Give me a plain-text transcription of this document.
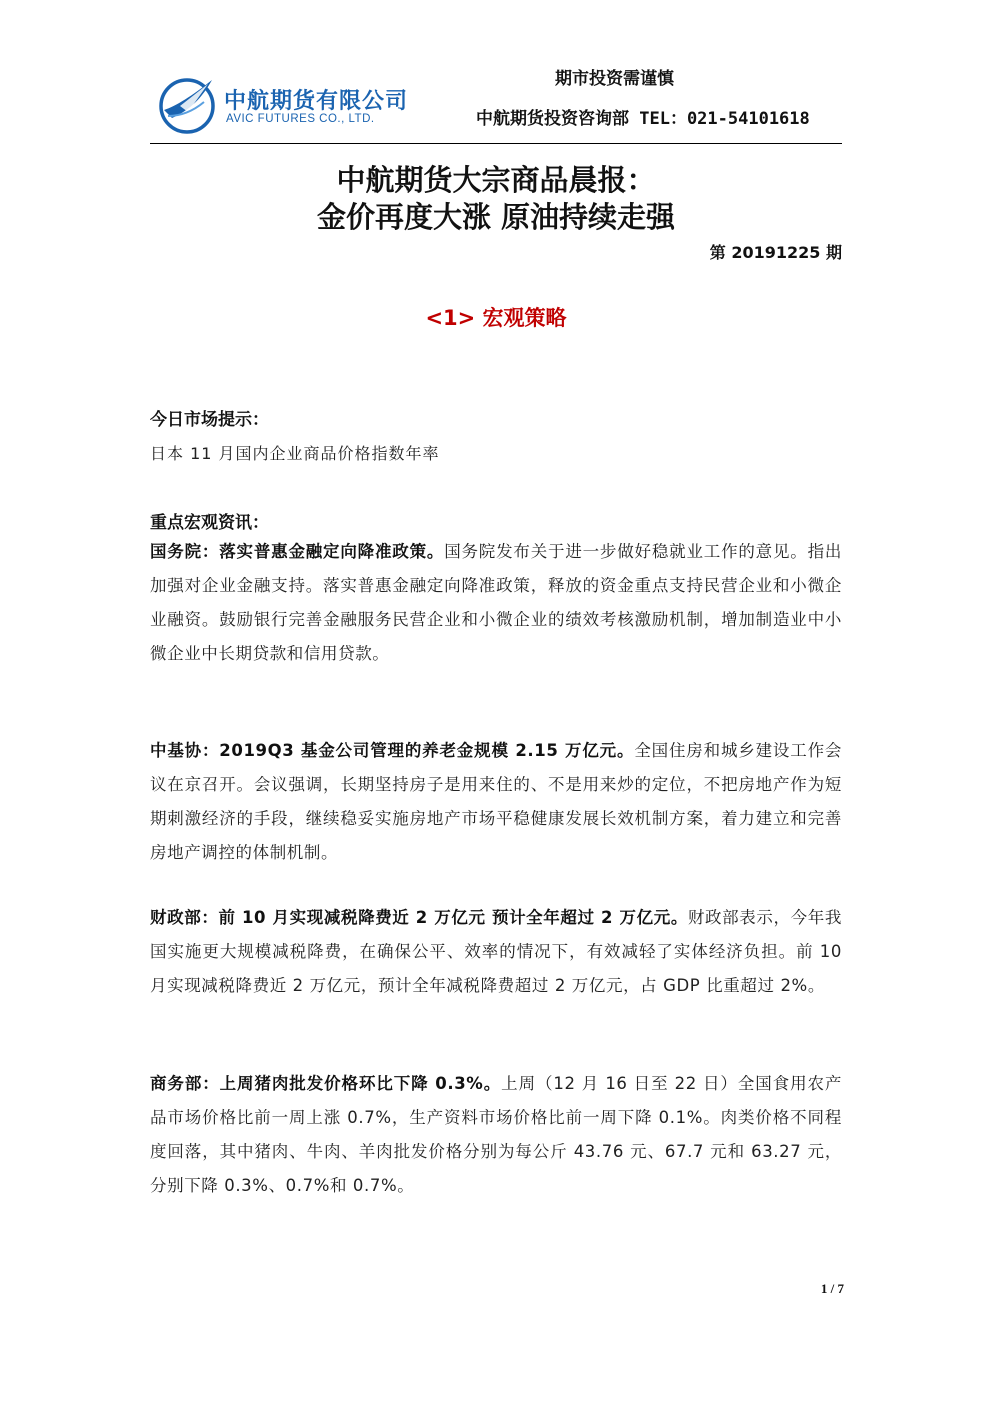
AVIC
中航期货有限公司
AVIC FUTURES CO., LTD.
期市投资需谨慎
中航期货投资咨询部 TEL：021-54101618
中航期货大宗商品晨报：
金价再度大涨 原油持续走强
第 20191225 期
<1> 宏观策略
今日市场提示：
日本 11 月国内企业商品价格指数年率
重点宏观资讯：

国务院：落实普惠金融定向降准政策。国务院发布关于进一步做好稳就业工作的意见。指出加强对企业金融支持。落实普惠金融定向降准政策，释放的资金重点支持民营企业和小微企业融资。鼓励银行完善金融服务民营企业和小微企业的绩效考核激励机制，增加制造业中小微企业中长期贷款和信用贷款。

中基协：2019Q3 基金公司管理的养老金规模 2.15 万亿元。全国住房和城乡建设工作会议在京召开。会议强调，长期坚持房子是用来住的、不是用来炒的定位，不把房地产作为短期刺激经济的手段，继续稳妥实施房地产市场平稳健康发展长效机制方案，着力建立和完善房地产调控的体制机制。

财政部：前 10 月实现减税降费近 2 万亿元 预计全年超过 2 万亿元。财政部表示，今年我国实施更大规模减税降费，在确保公平、效率的情况下，有效减轻了实体经济负担。前 10 月实现减税降费近 2 万亿元，预计全年减税降费超过 2 万亿元，占 GDP 比重超过 2%。

商务部：上周猪肉批发价格环比下降 0.3%。上周（12 月 16 日至 22 日）全国食用农产品市场价格比前一周上涨 0.7%，生产资料市场价格比前一周下降 0.1%。肉类价格不同程度回落，其中猪肉、牛肉、羊肉批发价格分别为每公斤 43.76 元、67.7 元和 63.27 元，分别下降 0.3%、0.7%和 0.7%。

1 / 7
